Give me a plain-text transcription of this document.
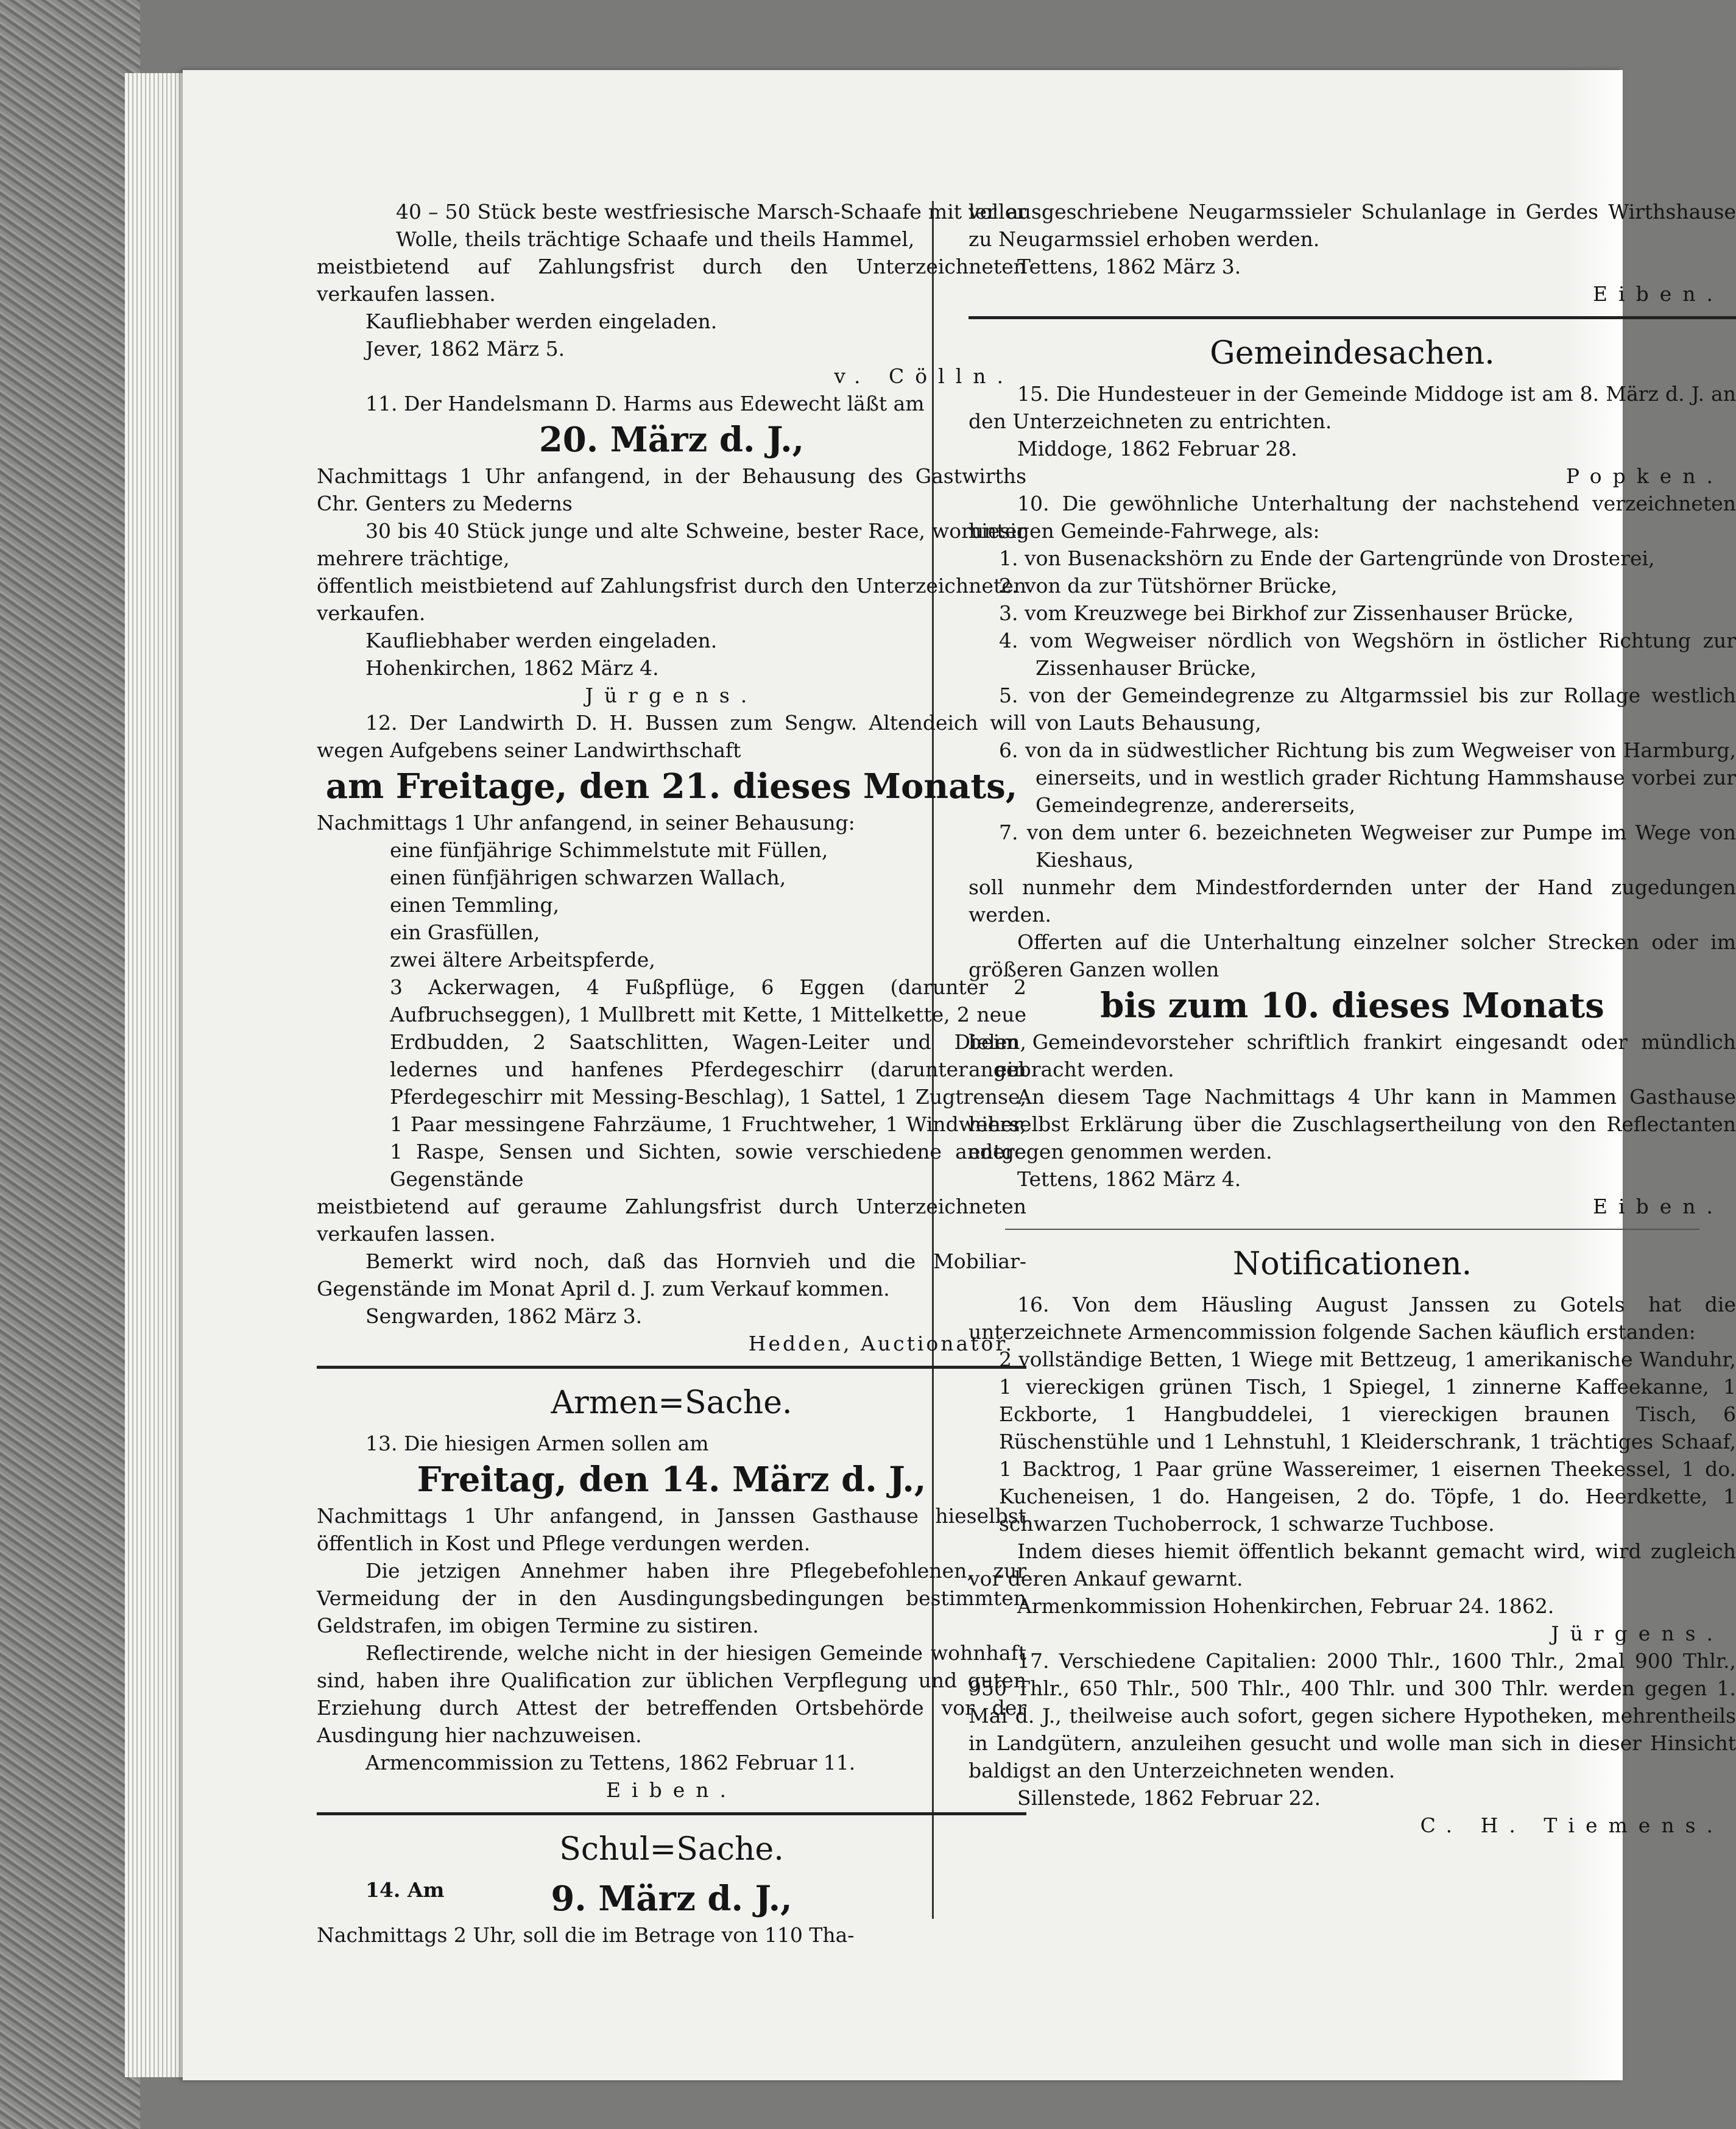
40 – 50 Stück beste westfriesische Marsch-Schaafe mit voller Wolle, theils trächtige Schaafe und theils Hammel,

meistbietend auf Zahlungsfrist durch den Unterzeichneten verkaufen lassen.

Kaufliebhaber werden eingeladen.

Jever, 1862 März 5.

v. Cölln.

11. Der Handelsmann D. Harms aus Edewecht läßt am

20. März d. J.,

Nachmittags 1 Uhr anfangend, in der Behausung des Gastwirths Chr. Genters zu Mederns

30 bis 40 Stück junge und alte Schweine, bester Race, worunter mehrere trächtige,

öffentlich meistbietend auf Zahlungsfrist durch den Unterzeichneten verkaufen.

Kaufliebhaber werden eingeladen.

Hohenkirchen, 1862 März 4.

Jürgens.

12. Der Landwirth D. H. Bussen zum Sengw. Altendeich will wegen Aufgebens seiner Landwirthschaft

am Freitage, den 21. dieses Monats,

Nachmittags 1 Uhr anfangend, in seiner Behausung:

eine fünfjährige Schimmelstute mit Füllen,

einen fünfjährigen schwarzen Wallach,

einen Temmling,

ein Grasfüllen,

zwei ältere Arbeitspferde,

3 Ackerwagen, 4 Fußpflüge, 6 Eggen (darunter 2 Aufbruchseggen), 1 Mullbrett mit Kette, 1 Mittelkette, 2 neue Erdbudden, 2 Saatschlitten, Wagen-Leiter und Dielen, ledernes und hanfenes Pferdegeschirr (darunter ein Pferdegeschirr mit Messing-Beschlag), 1 Sattel, 1 Zugtrense, 1 Paar messingene Fahrzäume, 1 Fruchtweher, 1 Windweher, 1 Raspe, Sensen und Sichten, sowie verschiedene andere Gegenstände

meistbietend auf geraume Zahlungsfrist durch Unterzeichneten verkaufen lassen.

Bemerkt wird noch, daß das Hornvieh und die Mobiliar-Gegenstände im Monat April d. J. zum Verkauf kommen.

Sengwarden, 1862 März 3.

Hedden, Auctionator.

Armen=Sache.

13. Die hiesigen Armen sollen am

Freitag, den 14. März d. J.,

Nachmittags 1 Uhr anfangend, in Janssen Gasthause hieselbst öffentlich in Kost und Pflege verdungen werden.

Die jetzigen Annehmer haben ihre Pflegebefohlenen, zur Vermeidung der in den Ausdingungsbedingungen bestimmten Geldstrafen, im obigen Termine zu sistiren.

Reflectirende, welche nicht in der hiesigen Gemeinde wohnhaft sind, haben ihre Qualification zur üblichen Verpflegung und guten Erziehung durch Attest der betreffenden Ortsbehörde vor der Ausdingung hier nachzuweisen.

Armencommission zu Tettens, 1862 Februar 11.

Eiben.

Schul=Sache.

14. Am	9. März d. J.,

Nachmittags 2 Uhr, soll die im Betrage von 110 Tha-

ler ausgeschriebene Neugarmssieler Schulanlage in Gerdes Wirthshause zu Neugarmssiel erhoben werden.

Tettens, 1862 März 3.

Eiben.

Gemeindesachen.

15. Die Hundesteuer in der Gemeinde Middoge ist am 8. März d. J. an den Unterzeichneten zu entrichten.

Middoge, 1862 Februar 28.

Popken.

10. Die gewöhnliche Unterhaltung der nachstehend verzeichneten hiesigen Gemeinde-Fahrwege, als:

1. von Busenackshörn zu Ende der Gartengründe von Drosterei,
2. von da zur Tütshörner Brücke,
3. vom Kreuzwege bei Birkhof zur Zissenhauser Brücke,
4. vom Wegweiser nördlich von Wegshörn in östlicher Richtung zur Zissenhauser Brücke,
5. von der Gemeindegrenze zu Altgarmssiel bis zur Rollage westlich von Lauts Behausung,
6. von da in südwestlicher Richtung bis zum Wegweiser von Harmburg, einerseits, und in westlich grader Richtung Hammshause vorbei zur Gemeindegrenze, andererseits,
7. von dem unter 6. bezeichneten Wegweiser zur Pumpe im Wege von Kieshaus,

soll nunmehr dem Mindestfordernden unter der Hand zugedungen werden.

Offerten auf die Unterhaltung einzelner solcher Strecken oder im größeren Ganzen wollen

bis zum 10. dieses Monats

beim Gemeindevorsteher schriftlich frankirt eingesandt oder mündlich angebracht werden.

An diesem Tage Nachmittags 4 Uhr kann in Mammen Gasthause hierselbst Erklärung über die Zuschlagsertheilung von den Reflectanten entgegen genommen werden.

Tettens, 1862 März 4.

Eiben.

Notificationen.

16. Von dem Häusling August Janssen zu Gotels hat die unterzeichnete Armencommission folgende Sachen käuflich erstanden:

2 vollständige Betten, 1 Wiege mit Bettzeug, 1 amerikanische Wanduhr, 1 viereckigen grünen Tisch, 1 Spiegel, 1 zinnerne Kaffeekanne, 1 Eckborte, 1 Hangbuddelei, 1 viereckigen braunen Tisch, 6 Rüschenstühle und 1 Lehnstuhl, 1 Kleiderschrank, 1 trächtiges Schaaf, 1 Backtrog, 1 Paar grüne Wassereimer, 1 eisernen Theekessel, 1 do. Kucheneisen, 1 do. Hangeisen, 2 do. Töpfe, 1 do. Heerdkette, 1 schwarzen Tuchoberrock, 1 schwarze Tuchbose.

Indem dieses hiemit öffentlich bekannt gemacht wird, wird zugleich vor deren Ankauf gewarnt.

Armenkommission Hohenkirchen, Februar 24. 1862.

Jürgens.

17. Verschiedene Capitalien: 2000 Thlr., 1600 Thlr., 2mal 900 Thlr., 950 Thlr., 650 Thlr., 500 Thlr., 400 Thlr. und 300 Thlr. werden gegen 1. Mai d. J., theilweise auch sofort, gegen sichere Hypotheken, mehrentheils in Landgütern, anzuleihen gesucht und wolle man sich in dieser Hinsicht baldigst an den Unterzeichneten wenden.

Sillenstede, 1862 Februar 22.

C. H. Tiemens.
